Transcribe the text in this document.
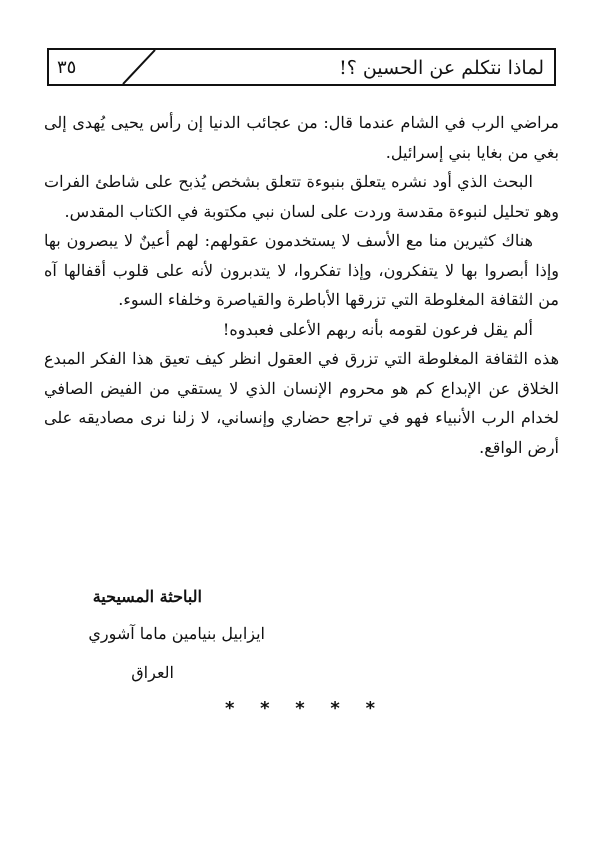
لماذا نتكلم عن الحسين ؟!
٣٥

مراضي الرب في الشام عندما قال: من عجائب الدنيا إن رأس يحيى يُهدى إلى بغي من بغايا بني إسرائيل.

البحث الذي أود نشره يتعلق بنبوءة تتعلق بشخص يُذبح على شاطئ الفرات وهو تحليل لنبوءة مقدسة وردت على لسان نبي مكتوبة في الكتاب المقدس.

هناك كثيرين منا مع الأسف لا يستخدمون عقولهم: لهم أعينٌ لا يبصرون بها وإذا أبصروا بها لا يتفكرون، وإذا تفكروا، لا يتدبرون لأنه على قلوب أقفالها آه من الثقافة المغلوطة التي تزرقها الأباطرة والقياصرة وخلفاء السوء.

ألم يقل فرعون لقومه بأنه ربهم الأعلى فعبدوه!

هذه الثقافة المغلوطة التي تزرق في العقول انظر كيف تعيق هذا الفكر المبدع الخلاق عن الإبداع كم هو محروم الإنسان الذي لا يستقي من الفيض الصافي لخدام الرب الأنبياء فهو في تراجع حضاري وإنساني، لا زلنا نرى مصاديقه على أرض الواقع.

الباحثة المسيحية
ايزابيل بنيامين ماما آشوري
العراق
* * * * *
